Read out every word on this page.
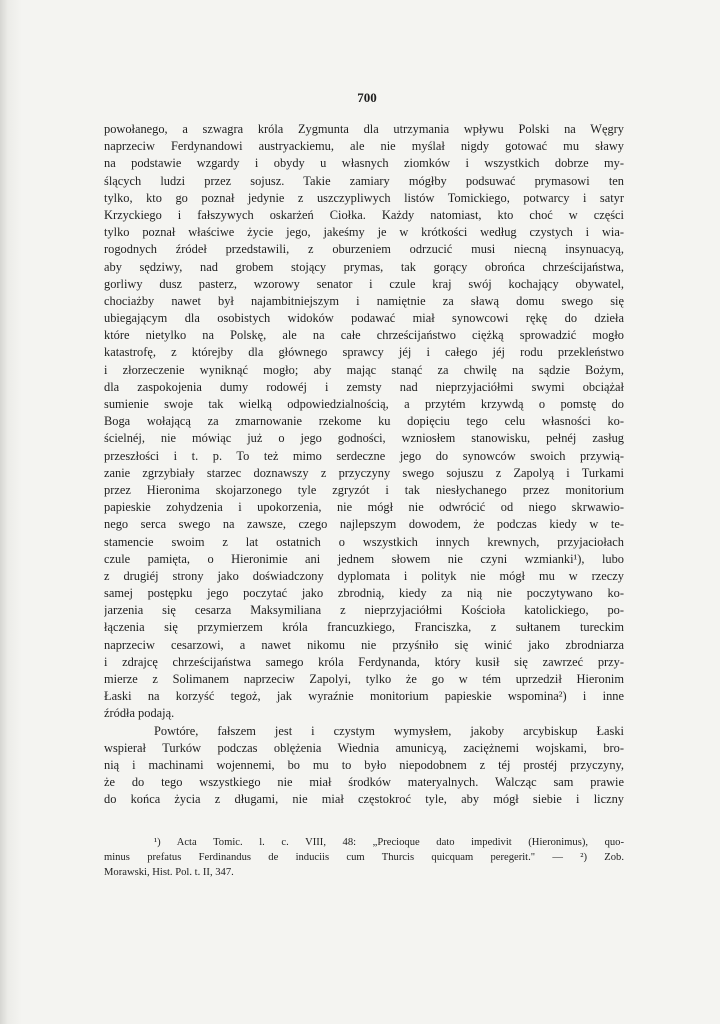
700
powołanego, a szwagra króla Zygmunta dla utrzymania wpływu Polski na Węgry
naprzeciw Ferdynandowi austryackiemu, ale nie myślał nigdy gotować mu sławy
na podstawie wzgardy i obydy u własnych ziomków i wszystkich dobrze my-
ślących ludzi przez sojusz. Takie zamiary mógłby podsuwać prymasowi ten
tylko, kto go poznał jedynie z uszczypliwych listów Tomickiego, potwarcy i satyr
Krzyckiego i fałszywych oskarżeń Ciołka. Każdy natomiast, kto choć w części
tylko poznał właściwe życie jego, jakeśmy je w krótkości według czystych i wia-
rogodnych źródeł przedstawili, z oburzeniem odrzucić musi niecną insynuacyą,
aby sędziwy, nad grobem stojący prymas, tak gorący obrońca chrześcijaństwa,
gorliwy dusz pasterz, wzorowy senator i czule kraj swój kochający obywatel,
chociażby nawet był najambitniejszym i namiętnie za sławą domu swego się
ubiegającym dla osobistych widoków podawać miał synowcowi rękę do dzieła
które nietylko na Polskę, ale na całe chrześcijaństwo ciężką sprowadzić mogło
katastrofę, z którejby dla głównego sprawcy jéj i całego jéj rodu przekleństwo
i złorzeczenie wyniknąć mogło; aby mając stanąć za chwilę na sądzie Bożym,
dla zaspokojenia dumy rodowéj i zemsty nad nieprzyjaciółmi swymi obciążał
sumienie swoje tak wielką odpowiedzialnością, a przytém krzywdą o pomstę do
Boga wołającą za zmarnowanie rzekome ku dopięciu tego celu własności ko-
ścielnéj, nie mówiąc już o jego godności, wzniosłem stanowisku, pełnéj zasług
przeszłości i t. p. To też mimo serdeczne jego do synowców swoich przywią-
zanie zgrzybiały starzec doznawszy z przyczyny swego sojuszu z Zapolyą i Turkami
przez Hieronima skojarzonego tyle zgryzót i tak niesłychanego przez monitorium
papieskie zohydzenia i upokorzenia, nie mógł nie odwrócić od niego skrwawio-
nego serca swego na zawsze, czego najlepszym dowodem, że podczas kiedy w te-
stamencie swoim z lat ostatnich o wszystkich innych krewnych, przyjaciołach
czule pamięta, o Hieronimie ani jednem słowem nie czyni wzmianki¹), lubo
z drugiéj strony jako doświadczony dyplomata i polityk nie mógł mu w rzeczy
samej postępku jego poczytać jako zbrodnią, kiedy za nią nie poczytywano ko-
jarzenia się cesarza Maksymiliana z nieprzyjaciółmi Kościoła katolickiego, po-
łączenia się przymierzem króla francuzkiego, Franciszka, z sułtanem tureckim
naprzeciw cesarzowi, a nawet nikomu nie przyśniło się winić jako zbrodniarza
i zdrajcę chrześcijaństwa samego króla Ferdynanda, który kusił się zawrzeć przy-
mierze z Solimanem naprzeciw Zapolyi, tylko że go w tém uprzedził Hieronim
Łaski na korzyść tegoż, jak wyraźnie monitorium papieskie wspomina²) i inne
źródła podają.
Powtóre, fałszem jest i czystym wymysłem, jakoby arcybiskup Łaski
wspierał Turków podczas oblężenia Wiednia amunicyą, zaciężnemi wojskami, bro-
nią i machinami wojennemi, bo mu to było niepodobnem z téj prostéj przyczyny,
że do tego wszystkiego nie miał środków materyalnych. Walcząc sam prawie
do końca życia z długami, nie miał częstokroć tyle, aby mógł siebie i liczny
¹) Acta Tomic. l. c. VIII, 48: „Precioque dato impedivit (Hieronimus), quo-
minus prefatus Ferdinandus de induciis cum Thurcis quicquam peregerit." — ²) Zob.
Morawski, Hist. Pol. t. II, 347.
